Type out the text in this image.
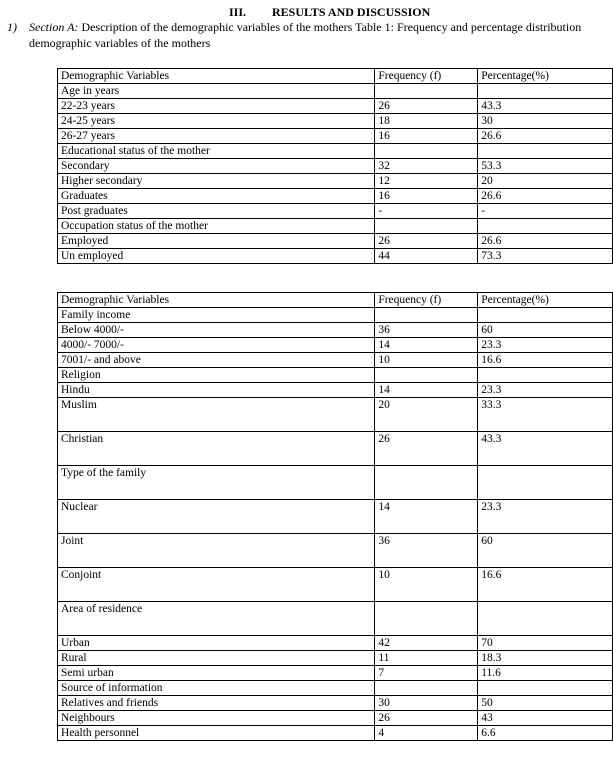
III. RESULTS AND DISCUSSION
1) Section A: Description of the demographic variables of the mothers Table 1: Frequency and percentage distribution
demographic variables of the mothers
Demographic Variables	Frequency (f)	Percentage(%)
Age in years		
22-23 years	26	43.3
24-25 years	18	30
26-27 years	16	26.6
Educational status of the mother		
Secondary	32	53.3
Higher secondary	12	20
Graduates	16	26.6
Post graduates	-	-
Occupation status of the mother		
Employed	26	26.6
Un employed	44	73.3
Demographic Variables	Frequency (f)	Percentage(%)
Family income		
Below 4000/-	36	60
4000/- 7000/-	14	23.3
7001/- and above	10	16.6
Religion		
Hindu	14	23.3
Muslim	20	33.3
Christian	26	43.3
Type of the family		
Nuclear	14	23.3
Joint	36	60
Conjoint	10	16.6
Area of residence		
Urban	42	70
Rural	11	18.3
Semi urban	7	11.6
Source of information		
Relatives and friends	30	50
Neighbours	26	43
Health personnel	4	6.6
